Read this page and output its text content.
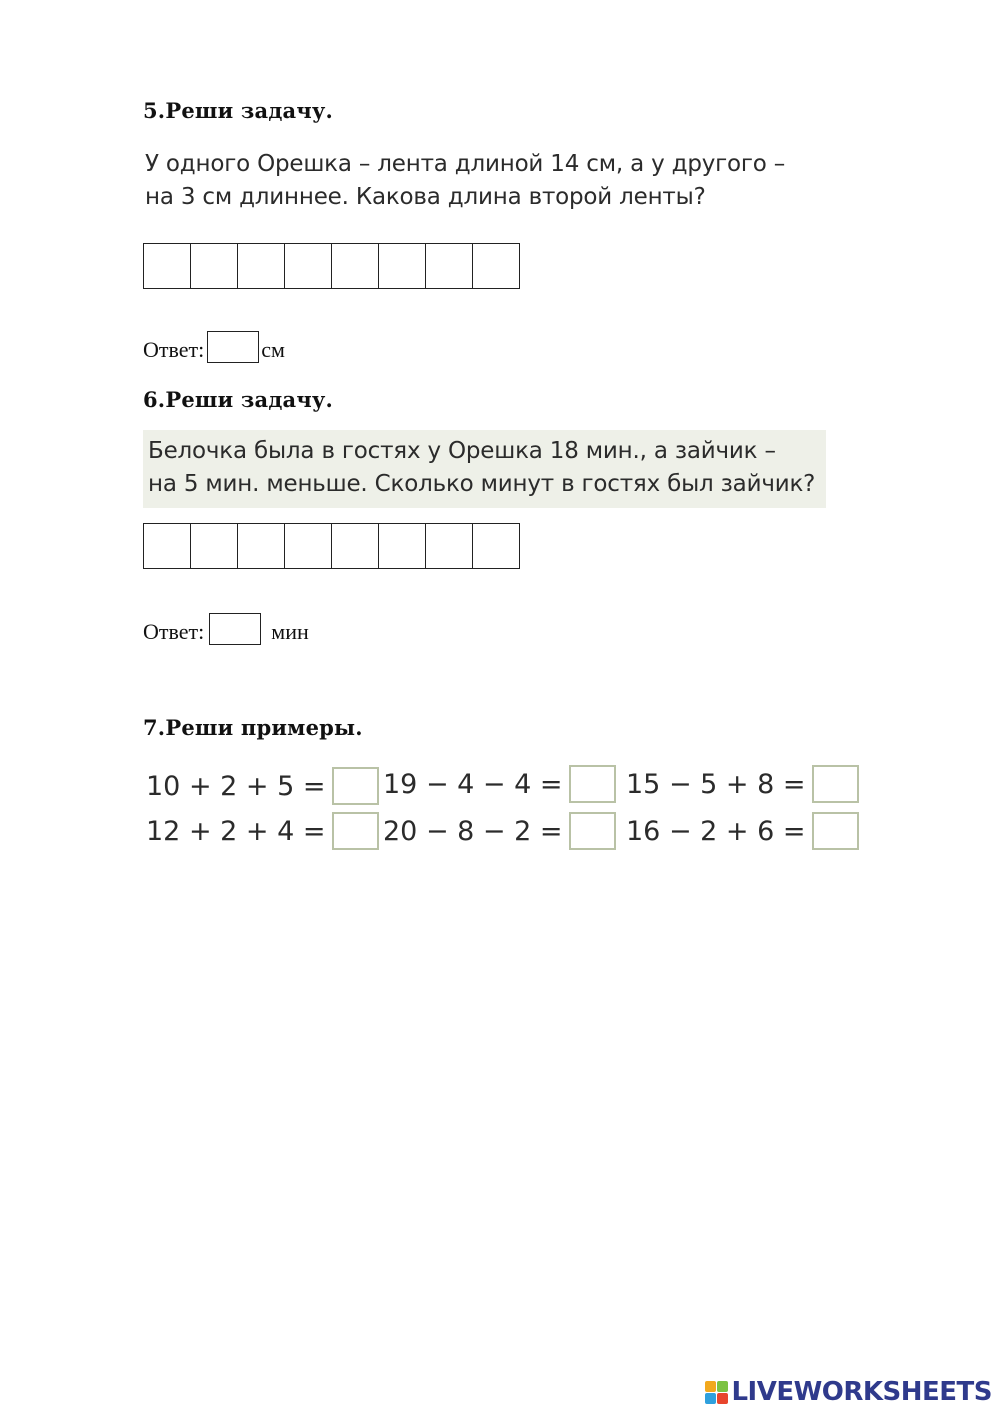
5.Реши задачу.
У одного Орешка – лента длиной 14 см, а у другого –
на 3 см длиннее. Какова длина второй ленты?
Ответ:	см
6.Реши задачу.
Белочка была в гостях у Орешка 18 мин., а зайчик –
на 5 мин. меньше. Сколько минут в гостях был зайчик?
Ответ:	мин
7.Реши примеры.
10 + 2 + 5 = 19 − 4 − 4 = 15 − 5 + 8 =
12 + 2 + 4 = 20 − 8 − 2 = 16 − 2 + 6 =
LIVEWORKSHEETS
